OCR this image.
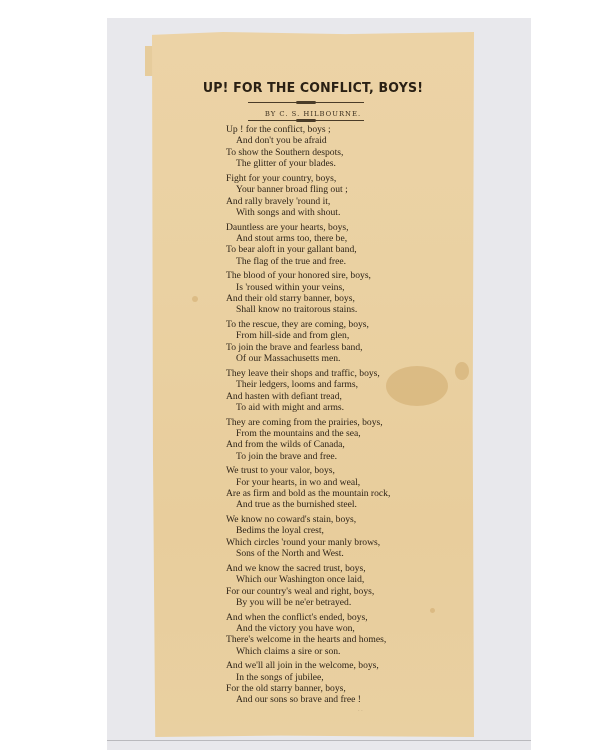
UP! FOR THE CONFLICT, BOYS!
BY C. S. HILBOURNE.
Up ! for the conflict, boys ;
And don't you be afraid
To show the Southern despots,
The glitter of your blades.
Fight for your country, boys,
Your banner broad fling out ;
And rally bravely 'round it,
With songs and with shout.
Dauntless are your hearts, boys,
And stout arms too, there be,
To bear aloft in your gallant band,
The flag of the true and free.
The blood of your honored sire, boys,
Is 'roused within your veins,
And their old starry banner, boys,
Shall know no traitorous stains.
To the rescue, they are coming, boys,
From hill-side and from glen,
To join the brave and fearless band,
Of our Massachusetts men.
They leave their shops and traffic, boys,
Their ledgers, looms and farms,
And hasten with defiant tread,
To aid with might and arms.
They are coming from the prairies, boys,
From the mountains and the sea,
And from the wilds of Canada,
To join the brave and free.
We trust to your valor, boys,
For your hearts, in wo and weal,
Are as firm and bold as the mountain rock,
And true as the burnished steel.
We know no coward's stain, boys,
Bedims the loyal crest,
Which circles 'round your manly brows,
Sons of the North and West.
And we know the sacred trust, boys,
Which our Washington once laid,
For our country's weal and right, boys,
By you will be ne'er betrayed.
And when the conflict's ended, boys,
And the victory you have won,
There's welcome in the hearts and homes,
Which claims a sire or son.
And we'll all join in the welcome, boys,
In the songs of jubilee,
For the old starry banner, boys,
And our sons so brave and free !
· ·
